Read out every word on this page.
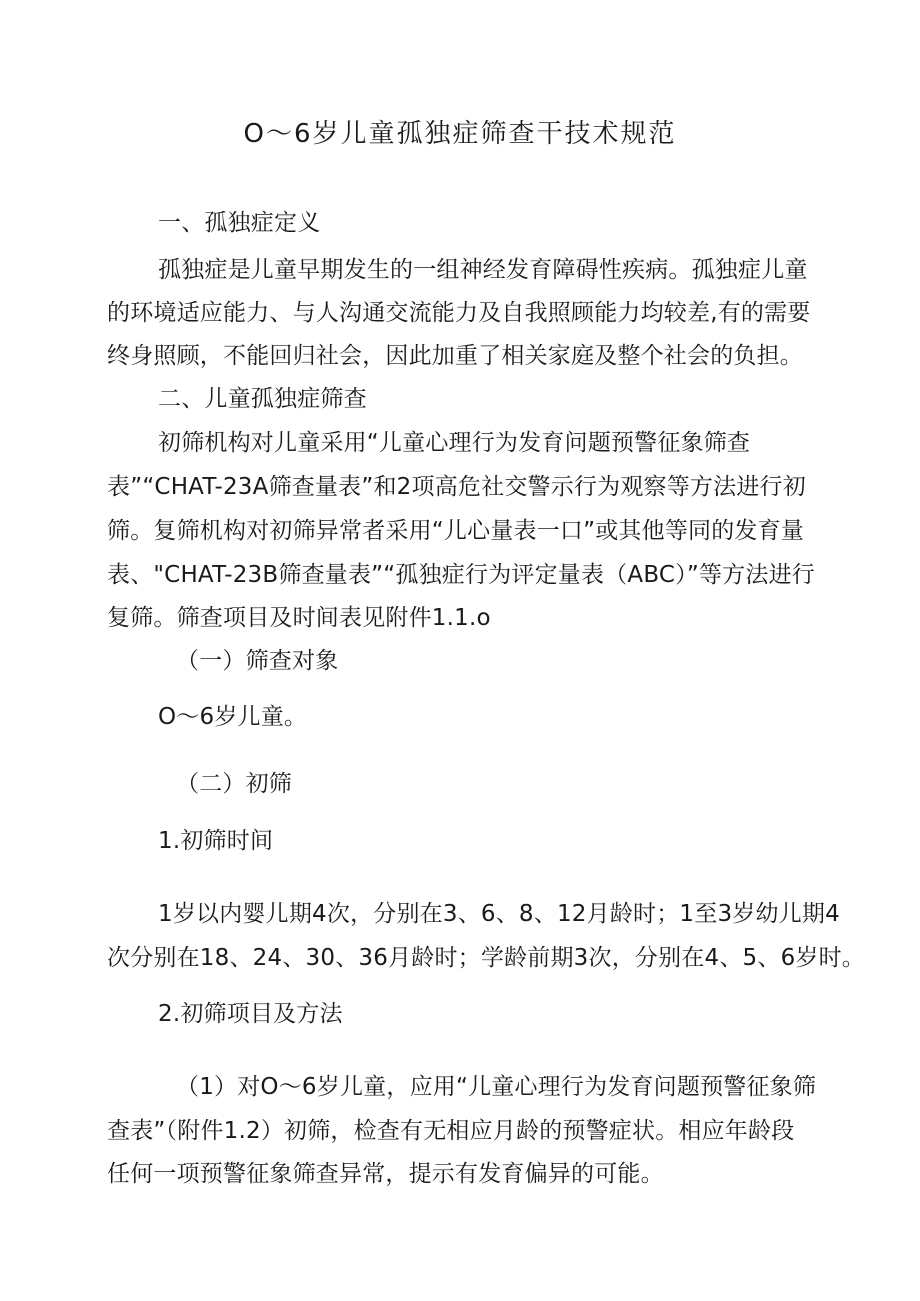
O～6岁儿童孤独症筛查干技术规范

一、孤独症定义

孤独症是儿童早期发生的一组神经发育障碍性疾病。孤独症儿童

的环境适应能力、与人沟通交流能力及自我照顾能力均较差,有的需要

终身照顾，不能回归社会，因此加重了相关家庭及整个社会的负担。

二、儿童孤独症筛查

初筛机构对儿童采用“儿童心理行为发育问题预警征象筛查

表”“CHAT-23A筛查量表”和2项高危社交警示行为观察等方法进行初

筛。复筛机构对初筛异常者采用“儿心量表一口”或其他等同的发育量

表、"CHAT-23B筛查量表”“孤独症行为评定量表（ABC）”等方法进行

复筛。筛查项目及时间表见附件1.1.o

（一）筛查对象

O～6岁儿童。

（二）初筛

1.初筛时间

1岁以内婴儿期4次，分别在3、6、8、12月龄时；1至3岁幼儿期4

次分别在18、24、30、36月龄时；学龄前期3次，分别在4、5、6岁时。

2.初筛项目及方法

（1）对O～6岁儿童，应用“儿童心理行为发育问题预警征象筛

查表”（附件1.2）初筛，检查有无相应月龄的预警症状。相应年龄段

任何一项预警征象筛查异常，提示有发育偏异的可能。
